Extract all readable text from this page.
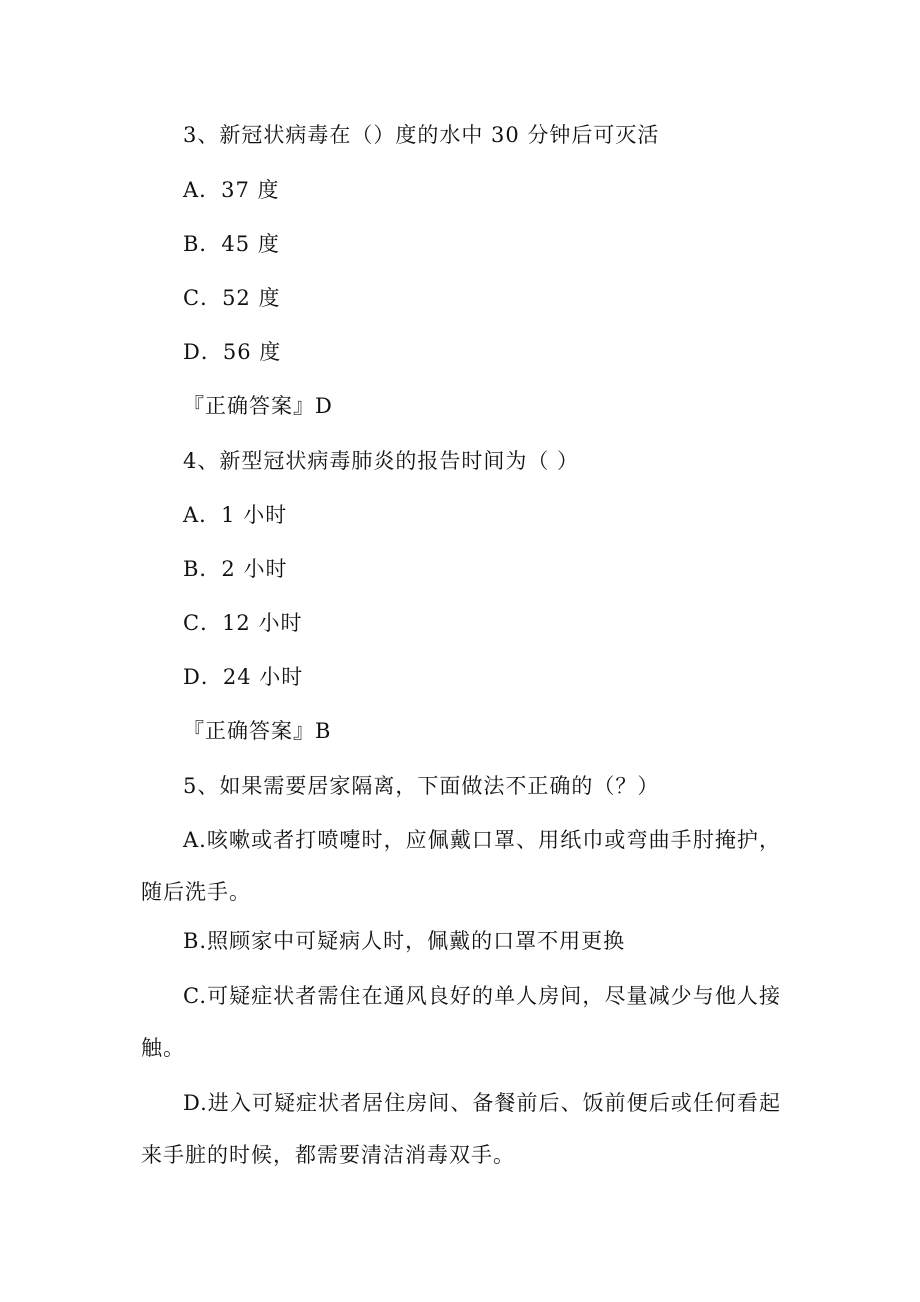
3、新冠状病毒在（）度的水中 30 分钟后可灭活
A．37 度
B．45 度
C．52 度
D．56 度
『正确答案』D
4、新型冠状病毒肺炎的报告时间为（ ）
A．1 小时
B．2 小时
C．12 小时
D．24 小时
『正确答案』B
5、如果需要居家隔离，下面做法不正确的（？）
A.咳嗽或者打喷嚏时，应佩戴口罩、用纸巾或弯曲手肘掩护，随后洗手。
B.照顾家中可疑病人时，佩戴的口罩不用更换
C.可疑症状者需住在通风良好的单人房间，尽量减少与他人接触。
D.进入可疑症状者居住房间、备餐前后、饭前便后或任何看起来手脏的时候，都需要清洁消毒双手。
